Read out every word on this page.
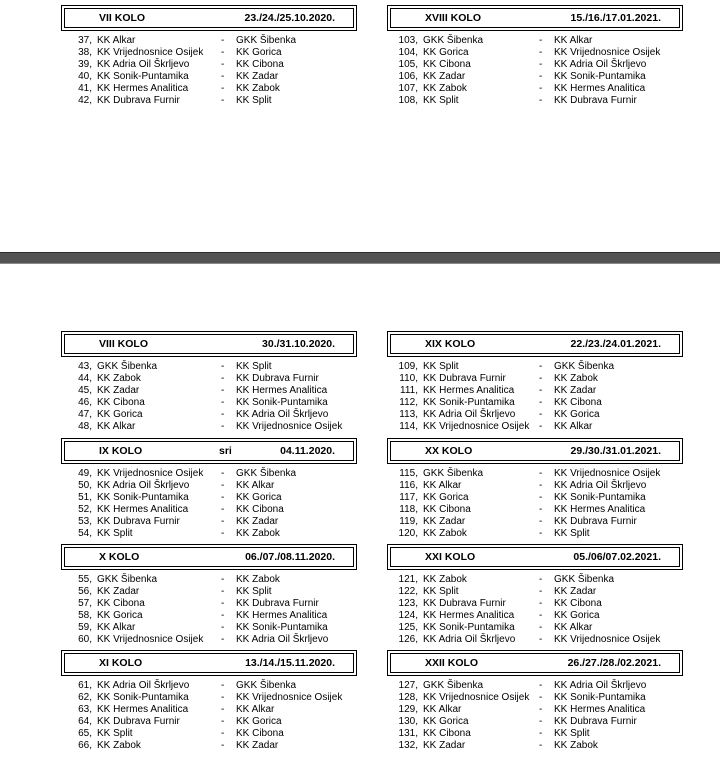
VII KOLO	23./24./25.10.2020.
37, KK Alkar	- GKK Šibenka
38, KK Vrijednosnice Osijek - KK Gorica
39, KK Adria Oil Škrljevo	- KK Cibona
40, KK Sonik-Puntamika	- KK Zadar
41, KK Hermes Analitica	- KK Zabok
42, KK Dubrava Furnir	- KK Split
XVIII KOLO	15./16./17.01.2021.
103, GKK Šibenka	- KK Alkar
104, KK Gorica	- KK Vrijednosnice Osijek
105, KK Cibona	- KK Adria Oil Škrljevo
106, KK Zadar	- KK Sonik-Puntamika
107, KK Zabok	- KK Hermes Analitica
108, KK Split	- KK Dubrava Furnir
VIII KOLO	30./31.10.2020.
43, GKK Šibenka	- KK Split
44, KK Zabok	- KK Dubrava Furnir
45, KK Zadar	- KK Hermes Analitica
46, KK Cibona	- KK Sonik-Puntamika
47, KK Gorica	- KK Adria Oil Škrljevo
48, KK Alkar	- KK Vrijednosnice Osijek
XIX KOLO	22./23./24.01.2021.
109, KK Split	- GKK Šibenka
110, KK Dubrava Furnir	- KK Zabok
111, KK Hermes Analitica - KK Zadar
112, KK Sonik-Puntamika - KK Cibona
113, KK Adria Oil Škrljevo - KK Gorica
114, KK Vrijednosnice Osijek - KK Alkar
IX KOLO	sri	04.11.2020.
49, KK Vrijednosnice Osijek - GKK Šibenka
50, KK Adria Oil Škrljevo	- KK Alkar
51, KK Sonik-Puntamika	- KK Gorica
52, KK Hermes Analitica	- KK Cibona
53, KK Dubrava Furnir	- KK Zadar
54, KK Split	- KK Zabok
XX KOLO	29./30./31.01.2021.
115, GKK Šibenka	- KK Vrijednosnice Osijek
116, KK Alkar	- KK Adria Oil Škrljevo
117, KK Gorica	- KK Sonik-Puntamika
118, KK Cibona	- KK Hermes Analitica
119, KK Zadar	- KK Dubrava Furnir
120, KK Zabok	- KK Split
X KOLO	06./07./08.11.2020.
55, GKK Šibenka	- KK Zabok
56, KK Zadar	- KK Split
57, KK Cibona	- KK Dubrava Furnir
58, KK Gorica	- KK Hermes Analitica
59, KK Alkar	- KK Sonik-Puntamika
60, KK Vrijednosnice Osijek - KK Adria Oil Škrljevo
XXI KOLO	05./06/07.02.2021.
121, KK Zabok	- GKK Šibenka
122, KK Split	- KK Zadar
123, KK Dubrava Furnir	- KK Cibona
124, KK Hermes Analitica - KK Gorica
125, KK Sonik-Puntamika - KK Alkar
126, KK Adria Oil Škrljevo - KK Vrijednosnice Osijek
XI KOLO	13./14./15.11.2020.
61, KK Adria Oil Škrljevo	- GKK Šibenka
62, KK Sonik-Puntamika	- KK Vrijednosnice Osijek
63, KK Hermes Analitica	- KK Alkar
64, KK Dubrava Furnir	- KK Gorica
65, KK Split	- KK Cibona
66, KK Zabok	- KK Zadar
XXII KOLO	26./27./28./02.2021.
127, GKK Šibenka	- KK Adria Oil Škrljevo
128, KK Vrijednosnice Osijek - KK Sonik-Puntamika
129, KK Alkar	- KK Hermes Analitica
130, KK Gorica	- KK Dubrava Furnir
131, KK Cibona	- KK Split
132, KK Zadar	- KK Zabok
